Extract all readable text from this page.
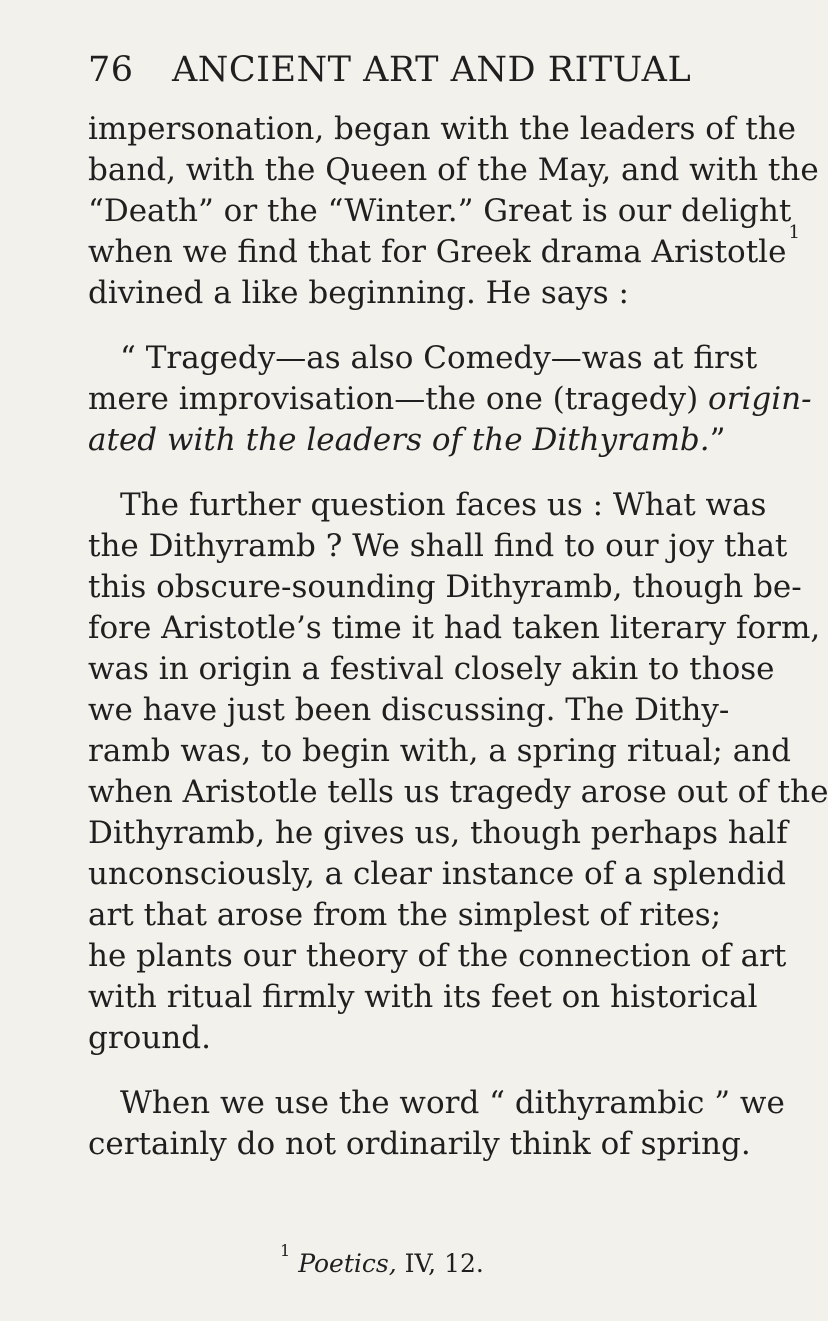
76 ANCIENT ART AND RITUAL
impersonation, began with the leaders of the
band, with the Queen of the May, and with the
“Death” or the “Winter.” Great is our delight
when we find that for Greek drama Aristotle1
divined a like beginning. He says :
“ Tragedy—as also Comedy—was at first
mere improvisation—the one (tragedy) origin-
ated with the leaders of the Dithyramb.”
The further question faces us : What was
the Dithyramb ? We shall find to our joy that
this obscure-sounding Dithyramb, though be-
fore Aristotle’s time it had taken literary form,
was in origin a festival closely akin to those
we have just been discussing. The Dithy-
ramb was, to begin with, a spring ritual; and
when Aristotle tells us tragedy arose out of the
Dithyramb, he gives us, though perhaps half
unconsciously, a clear instance of a splendid
art that arose from the simplest of rites;
he plants our theory of the connection of art
with ritual firmly with its feet on historical
ground.
When we use the word “ dithyrambic ” we
certainly do not ordinarily think of spring.
1 Poetics, IV, 12.
